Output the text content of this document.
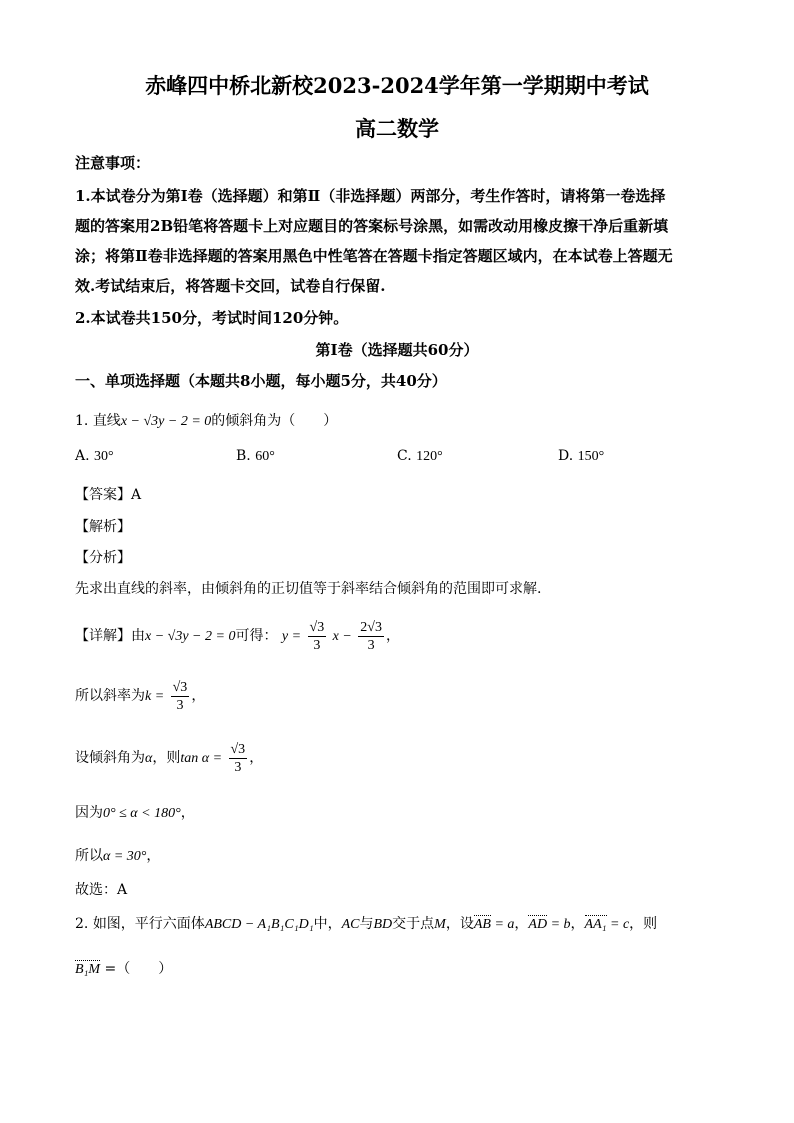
赤峰四中桥北新校2023-2024学年第一学期期中考试
高二数学
注意事项：
1.本试卷分为第Ⅰ卷（选择题）和第Ⅱ（非选择题）两部分，考生作答时，请将第一卷选择
题的答案用2B铅笔将答题卡上对应题目的答案标号涂黑，如需改动用橡皮擦干净后重新填
涂；将第Ⅱ卷非选择题的答案用黑色中性笔答在答题卡指定答题区域内，在本试卷上答题无
效.考试结束后，将答题卡交回，试卷自行保留.
2.本试卷共150分，考试时间120分钟。
第Ⅰ卷（选择题共60分）
一、单项选择题（本题共8小题，每小题5分，共40分）
1. 直线x − √3y − 2 = 0的倾斜角为（　　）
A. 30°	B. 60°	C. 120°	D. 150°
【答案】A
【解析】
【分析】
先求出直线的斜率，由倾斜角的正切值等于斜率结合倾斜角的范围即可求解.
【详解】由x − √3y − 2 = 0可得： $y = \frac{√3}{3}$ $x - \frac{2√3}{3}$ ，
所以斜率为$k = \frac{√3}{3}$ ，
设倾斜角为α，则$\tan \alpha = \frac{√3}{3}$ ，
因为0° ≤ α < 180°，
所以α = 30°，
故选：A
2. 如图，平行六面体ABCD − A₁B₁C₁D₁中，AC与BD交于点M，设AB = a，AD = b，AA₁ = c，则
B₁M =（　　）
